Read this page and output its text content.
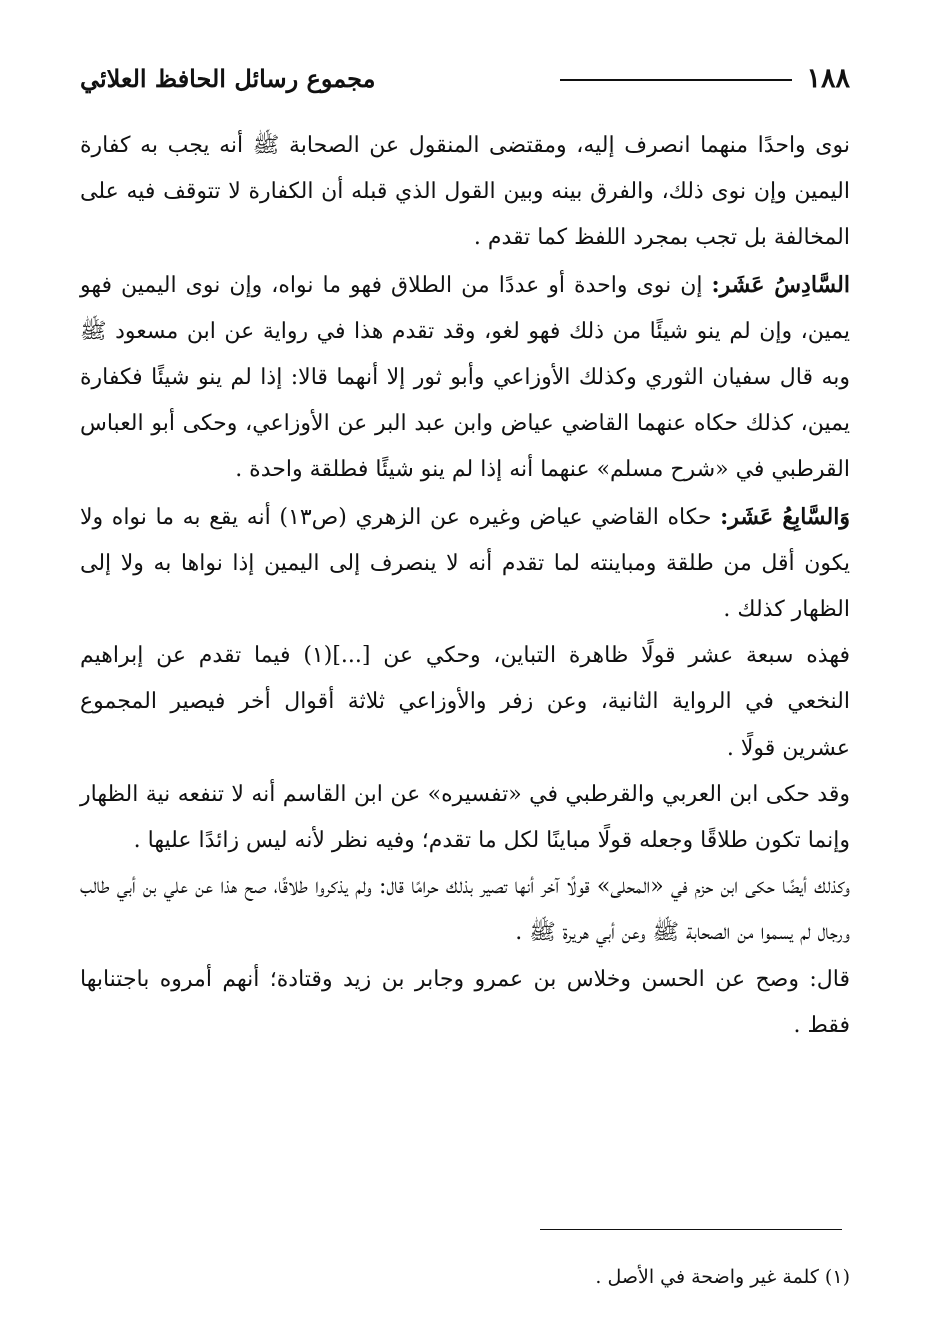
١٨٨
مجموع رسائل الحافظ العلائي

نوى واحدًا منهما انصرف إليه، ومقتضى المنقول عن الصحابة ﷺ أنه يجب به كفارة اليمين وإن نوى ذلك، والفرق بينه وبين القول الذي قبله أن الكفارة لا تتوقف فيه على المخالفة بل تجب بمجرد اللفظ كما تقدم .

السَّادِسُ عَشَر: إن نوى واحدة أو عددًا من الطلاق فهو ما نواه، وإن نوى اليمين فهو يمين، وإن لم ينو شيئًا من ذلك فهو لغو، وقد تقدم هذا في رواية عن ابن مسعود ﷺ وبه قال سفيان الثوري وكذلك الأوزاعي وأبو ثور إلا أنهما قالا: إذا لم ينو شيئًا فكفارة يمين، كذلك حكاه عنهما القاضي عياض وابن عبد البر عن الأوزاعي، وحكى أبو العباس القرطبي في «شرح مسلم» عنهما أنه إذا لم ينو شيئًا فطلقة واحدة .

وَالسَّابِعُ عَشَر: حكاه القاضي عياض وغيره عن الزهري (ص١٣) أنه يقع به ما نواه ولا يكون أقل من طلقة ومباينته لما تقدم أنه لا ينصرف إلى اليمين إذا نواها به ولا إلى الظهار كذلك .

فهذه سبعة عشر قولًا ظاهرة التباين، وحكي عن [...](١) فيما تقدم عن إبراهيم النخعي في الرواية الثانية، وعن زفر والأوزاعي ثلاثة أقوال أخر فيصير المجموع عشرين قولًا .

وقد حكى ابن العربي والقرطبي في «تفسيره» عن ابن القاسم أنه لا تنفعه نية الظهار وإنما تكون طلاقًا وجعله قولًا مباينًا لكل ما تقدم؛ وفيه نظر لأنه ليس زائدًا عليها .

وكذلك أيضًا حكى ابن حزم في «المحلى» قولًا آخر أنها تصير بذلك حرامًا قال: ولم يذكروا طلاقًا، صح هذا عن علي بن أبي طالب ورجال لم يسموا من الصحابة ﷺ وعن أبي هريرة ﷺ .

قال: وصح عن الحسن وخلاس بن عمرو وجابر بن زيد وقتادة؛ أنهم أمروه باجتنابها فقط .

(١) كلمة غير واضحة في الأصل .
